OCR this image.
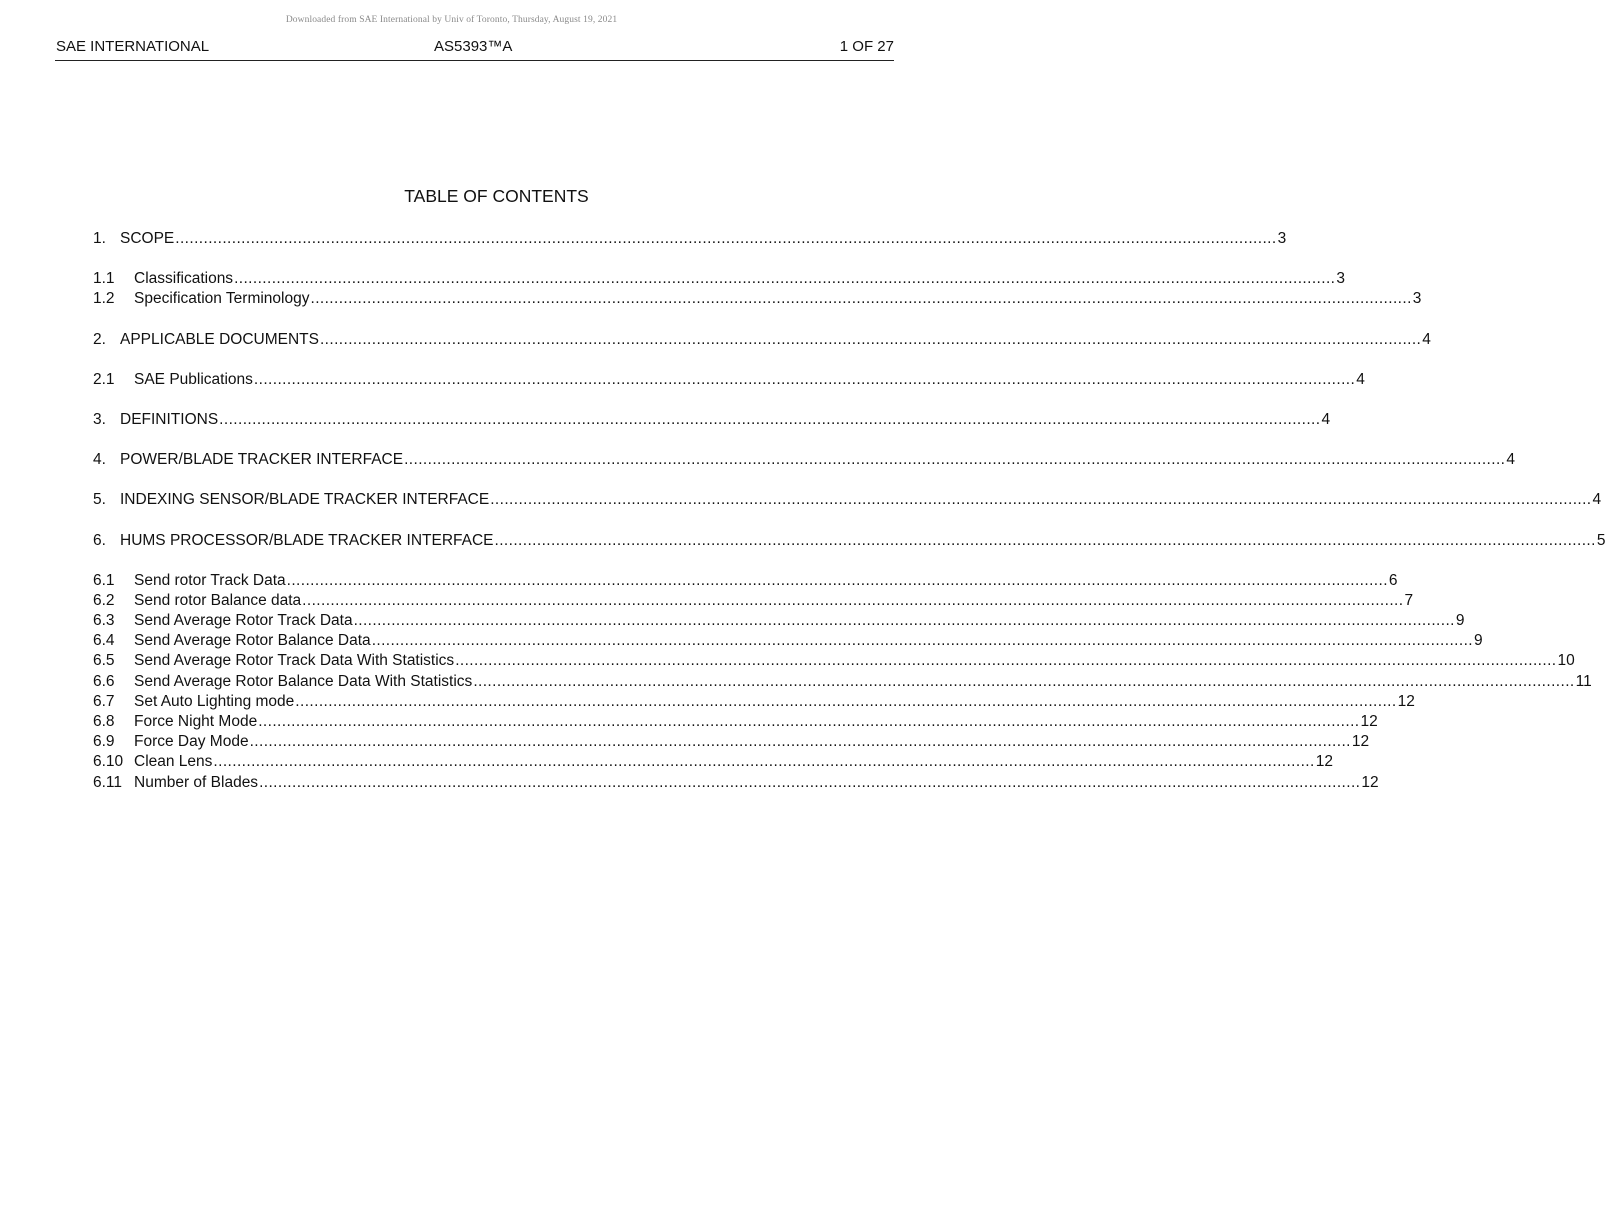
Downloaded from SAE International by Univ of Toronto, Thursday, August 19, 2021
SAE INTERNATIONAL	AS5393™A	1 OF 27
TABLE OF CONTENTS
1. SCOPE .......................................................................................................................................................................................................................................... 3
1.1	Classifications .......................................................................................................................................................................................................................................... 3
1.2	Specification Terminology .......................................................................................................................................................................................................................................... 3
2. APPLICABLE DOCUMENTS .......................................................................................................................................................................................................................................... 4
2.1	SAE Publications .......................................................................................................................................................................................................................................... 4
3. DEFINITIONS .......................................................................................................................................................................................................................................... 4
4. POWER/BLADE TRACKER INTERFACE .......................................................................................................................................................................................................................................... 4
5. INDEXING SENSOR/BLADE TRACKER INTERFACE .......................................................................................................................................................................................................................................... 4
6. HUMS PROCESSOR/BLADE TRACKER INTERFACE .......................................................................................................................................................................................................................................... 5
6.1	Send rotor Track Data .......................................................................................................................................................................................................................................... 6
6.2	Send rotor Balance data .......................................................................................................................................................................................................................................... 7
6.3	Send Average Rotor Track Data .......................................................................................................................................................................................................................................... 9
6.4	Send Average Rotor Balance Data .......................................................................................................................................................................................................................................... 9
6.5	Send Average Rotor Track Data With Statistics .......................................................................................................................................................................................................................................... 10
6.6	Send Average Rotor Balance Data With Statistics .......................................................................................................................................................................................................................................... 11
6.7	Set Auto Lighting mode .......................................................................................................................................................................................................................................... 12
6.8	Force Night Mode .......................................................................................................................................................................................................................................... 12
6.9	Force Day Mode .......................................................................................................................................................................................................................................... 12
6.10 Clean Lens .......................................................................................................................................................................................................................................... 12
6.11 Number of Blades .......................................................................................................................................................................................................................................... 12
